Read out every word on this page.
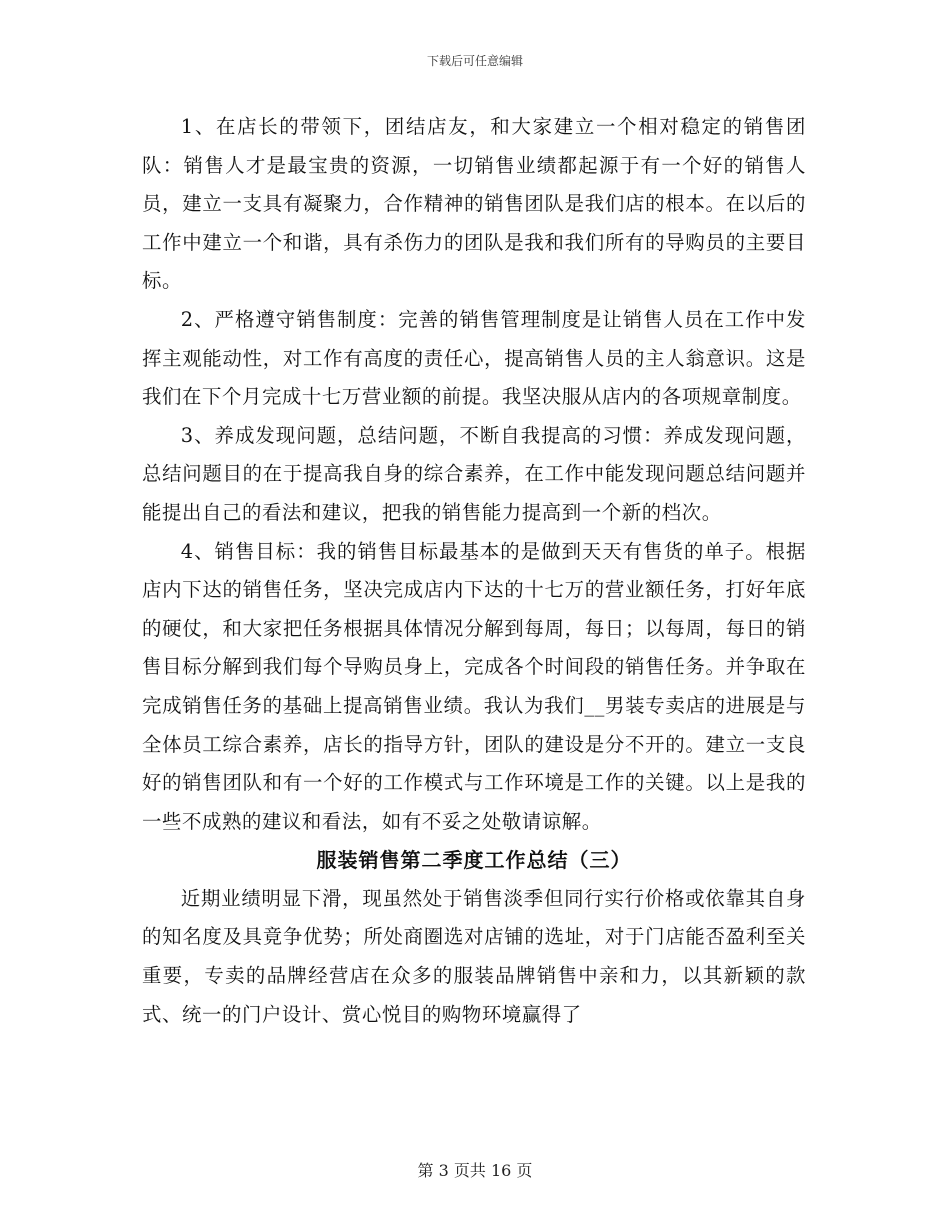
下载后可任意编辑

1、在店长的带领下，团结店友，和大家建立一个相对稳定的销售团队：销售人才是最宝贵的资源，一切销售业绩都起源于有一个好的销售人员，建立一支具有凝聚力，合作精神的销售团队是我们店的根本。在以后的工作中建立一个和谐，具有杀伤力的团队是我和我们所有的导购员的主要目标。

2、严格遵守销售制度：完善的销售管理制度是让销售人员在工作中发挥主观能动性，对工作有高度的责任心，提高销售人员的主人翁意识。这是我们在下个月完成十七万营业额的前提。我坚决服从店内的各项规章制度。

3、养成发现问题，总结问题，不断自我提高的习惯：养成发现问题，总结问题目的在于提高我自身的综合素养，在工作中能发现问题总结问题并能提出自己的看法和建议，把我的销售能力提高到一个新的档次。

4、销售目标：我的销售目标最基本的是做到天天有售货的单子。根据店内下达的销售任务，坚决完成店内下达的十七万的营业额任务，打好年底的硬仗，和大家把任务根据具体情况分解到每周，每日；以每周，每日的销售目标分解到我们每个导购员身上，完成各个时间段的销售任务。并争取在完成销售任务的基础上提高销售业绩。我认为我们__男装专卖店的进展是与全体员工综合素养，店长的指导方针，团队的建设是分不开的。建立一支良好的销售团队和有一个好的工作模式与工作环境是工作的关键。以上是我的一些不成熟的建议和看法，如有不妥之处敬请谅解。

服装销售第二季度工作总结（三）

近期业绩明显下滑，现虽然处于销售淡季但同行实行价格或依靠其自身的知名度及具竟争优势；所处商圈选对店铺的选址，对于门店能否盈利至关重要，专卖的品牌经营店在众多的服装品牌销售中亲和力，以其新颖的款式、统一的门户设计、赏心悦目的购物环境赢得了

第 3 页共 16 页
